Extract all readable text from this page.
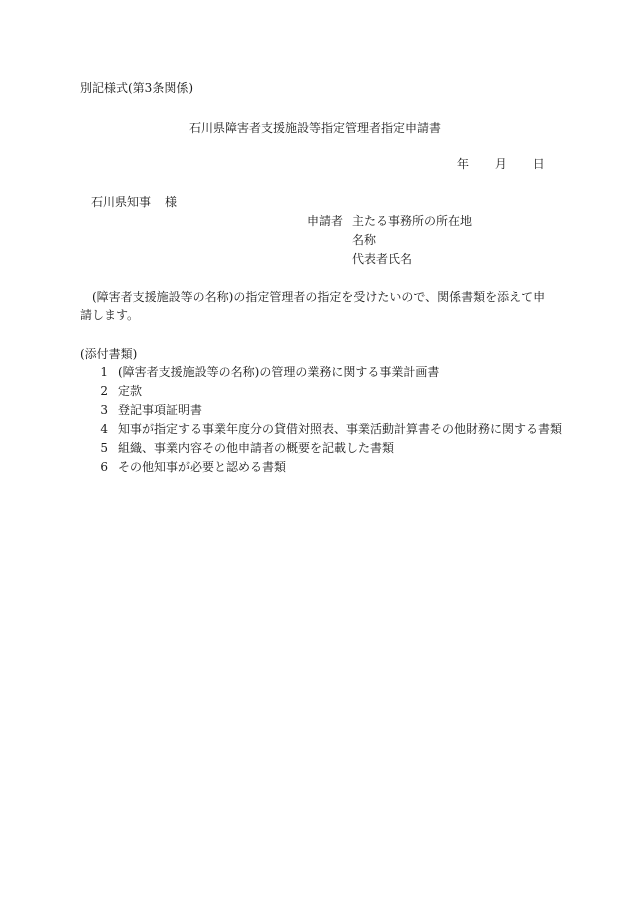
別記様式(第3条関係)
石川県障害者支援施設等指定管理者指定申請書
年 月 日
石川県知事 様
申請者 主たる事務所の所在地
名称
代表者氏名
(障害者支援施設等の名称)の指定管理者の指定を受けたいので、関係書類を添えて申請します。
(添付書類)
1 (障害者支援施設等の名称)の管理の業務に関する事業計画書
2 定款
3 登記事項証明書
4 知事が指定する事業年度分の貸借対照表、事業活動計算書その他財務に関する書類
5 組織、事業内容その他申請者の概要を記載した書類
6 その他知事が必要と認める書類
